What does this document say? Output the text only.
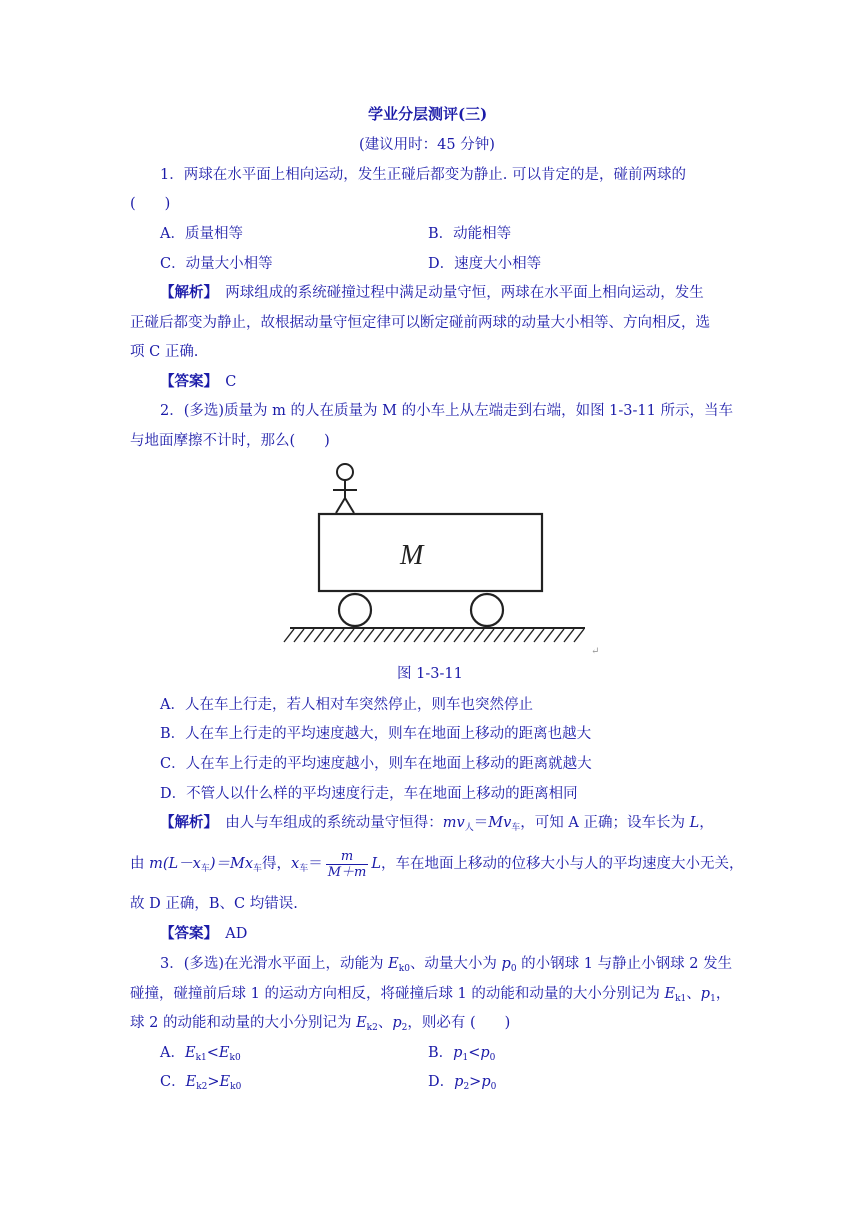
学业分层测评(三)
(建议用时：45 分钟)
1．两球在水平面上相向运动，发生正碰后都变为静止. 可以肯定的是，碰前两球的
(　　)
A．质量相等	B．动能相等
C．动量大小相等	D．速度大小相等
【解析】　两球组成的系统碰撞过程中满足动量守恒，两球在水平面上相向运动，发生
正碰后都变为静止，故根据动量守恒定律可以断定碰前两球的动量大小相等、方向相反，选
项 C 正确.
【答案】　C
2．(多选)质量为 m 的人在质量为 M 的小车上从左端走到右端，如图 1-3-11 所示，当车
与地面摩擦不计时，那么(　　)
M
↵
图 1-3-11
A．人在车上行走，若人相对车突然停止，则车也突然停止
B．人在车上行走的平均速度越大，则车在地面上移动的距离也越大
C．人在车上行走的平均速度越小，则车在地面上移动的距离就越大
D．不管人以什么样的平均速度行走，车在地面上移动的距离相同
【解析】　由人与车组成的系统动量守恒得：$mv_人=Mv_车$，可知 A 正确；设车长为 L，
由 $m(L-x_车)=Mx_车$得，$x_车= \frac{m}{M+m}$ L，车在地面上移动的位移大小与人的平均速度大小无关，
故 D 正确，B、C 均错误.
【答案】　AD
3．(多选)在光滑水平面上，动能为 $E_{k0}$、动量大小为 $p_0$ 的小钢球 1 与静止小钢球 2 发生
碰撞，碰撞前后球 1 的运动方向相反，将碰撞后球 1 的动能和动量的大小分别记为 $E_{k1}$、$p_1$，
球 2 的动能和动量的大小分别记为 $E_{k2}$、$p_2$，则必有 (　　)
A．$E_{k1}<E_{k0}$	B．$p_1<p_0$
C．$E_{k2}>E_{k0}$	D．$p_2>p_0$
